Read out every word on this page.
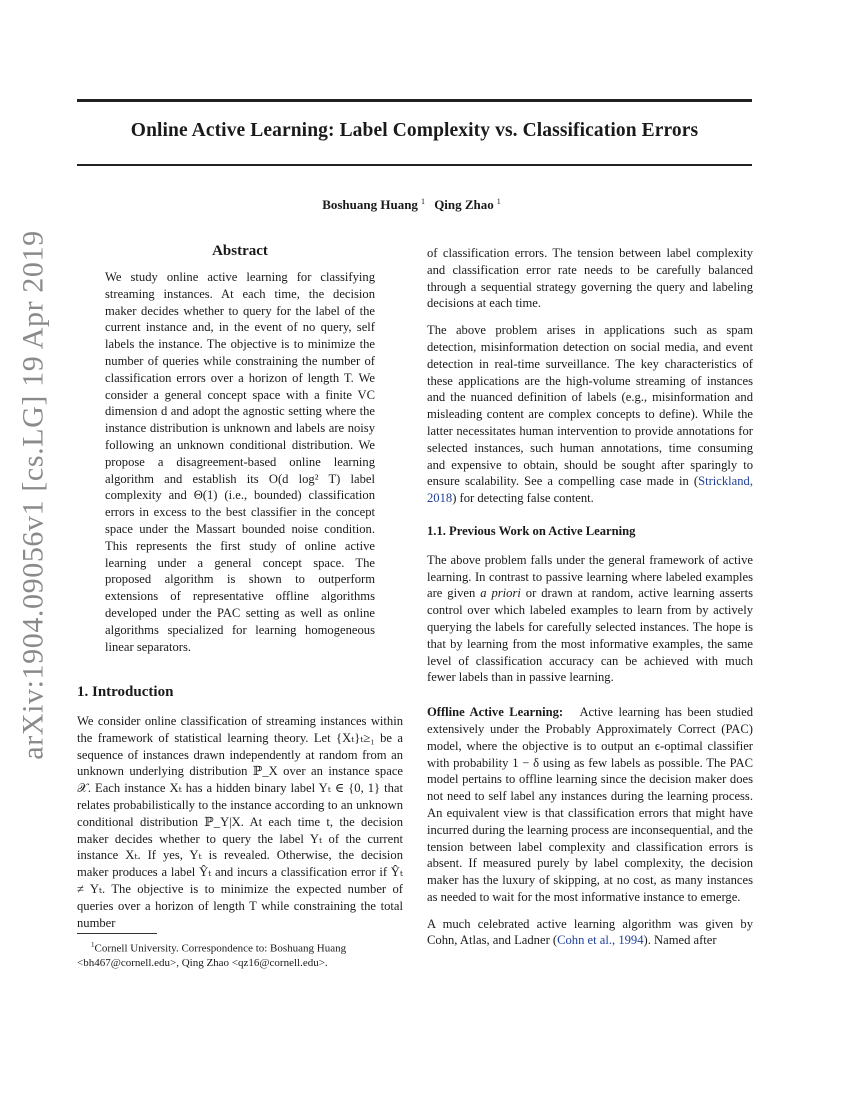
Online Active Learning: Label Complexity vs. Classification Errors
Boshuang Huang $^1$ Qing Zhao $^1$
arXiv:1904.09056v1 [cs.LG] 19 Apr 2019	Abstract

We study online active learning for classifying streaming instances. At each time, the decision maker decides whether to query for the label of the current instance and, in the event of no query, self labels the instance. The objective is to minimize the number of queries while constraining the number of classification errors over a horizon of length T. We consider a general concept space with a finite VC dimension d and adopt the agnostic setting where the instance distribution is unknown and labels are noisy following an unknown conditional distribution. We propose a disagreement-based online learning algorithm and establish its O(d log² T) label complexity and Θ(1) (i.e., bounded) classification errors in excess to the best classifier in the concept space under the Massart bounded noise condition. This represents the first study of online active learning under a general concept space. The proposed algorithm is shown to outperform extensions of representative offline algorithms developed under the PAC setting as well as online algorithms specialized for learning homogeneous linear separators.

1. Introduction

We consider online classification of streaming instances within the framework of statistical learning theory. Let {Xₜ}ₜ≥₁ be a sequence of instances drawn independently at random from an unknown underlying distribution ℙ_X over an instance space 𝒳. Each instance Xₜ has a hidden binary label Yₜ ∈ {0, 1} that relates probabilistically to the instance according to an unknown conditional distribution ℙ_Y|X. At each time t, the decision maker decides whether to query the label Yₜ of the current instance Xₜ. If yes, Yₜ is revealed. Otherwise, the decision maker produces a label Ŷₜ and incurs a classification error if Ŷₜ ≠ Yₜ. The objective is to minimize the expected number of queries over a horizon of length T while constraining the total number

$^1$Cornell University. Correspondence to: Boshuang Huang <bh467@cornell.edu>, Qing Zhao <qz16@cornell.edu>.

of classification errors. The tension between label complexity and classification error rate needs to be carefully balanced through a sequential strategy governing the query and labeling decisions at each time.

The above problem arises in applications such as spam detection, misinformation detection on social media, and event detection in real-time surveillance. The key characteristics of these applications are the high-volume streaming of instances and the nuanced definition of labels (e.g., misinformation and misleading content are complex concepts to define). While the latter necessitates human intervention to provide annotations for selected instances, such human annotations, time consuming and expensive to obtain, should be sought after sparingly to ensure scalability. See a compelling case made in (Strickland, 2018) for detecting false content.

1.1. Previous Work on Active Learning

The above problem falls under the general framework of active learning. In contrast to passive learning where labeled examples are given a priori or drawn at random, active learning asserts control over which labeled examples to learn from by actively querying the labels for carefully selected instances. The hope is that by learning from the most informative examples, the same level of classification accuracy can be achieved with much fewer labels than in passive learning.

Offline Active Learning: Active learning has been studied extensively under the Probably Approximately Correct (PAC) model, where the objective is to output an ϵ-optimal classifier with probability 1 − δ using as few labels as possible. The PAC model pertains to offline learning since the decision maker does not need to self label any instances during the learning process. An equivalent view is that classification errors that might have incurred during the learning process are inconsequential, and the tension between label complexity and classification errors is absent. If measured purely by label complexity, the decision maker has the luxury of skipping, at no cost, as many instances as needed to wait for the most informative instance to emerge.

A much celebrated active learning algorithm was given by Cohn, Atlas, and Ladner (Cohn et al., 1994). Named after
